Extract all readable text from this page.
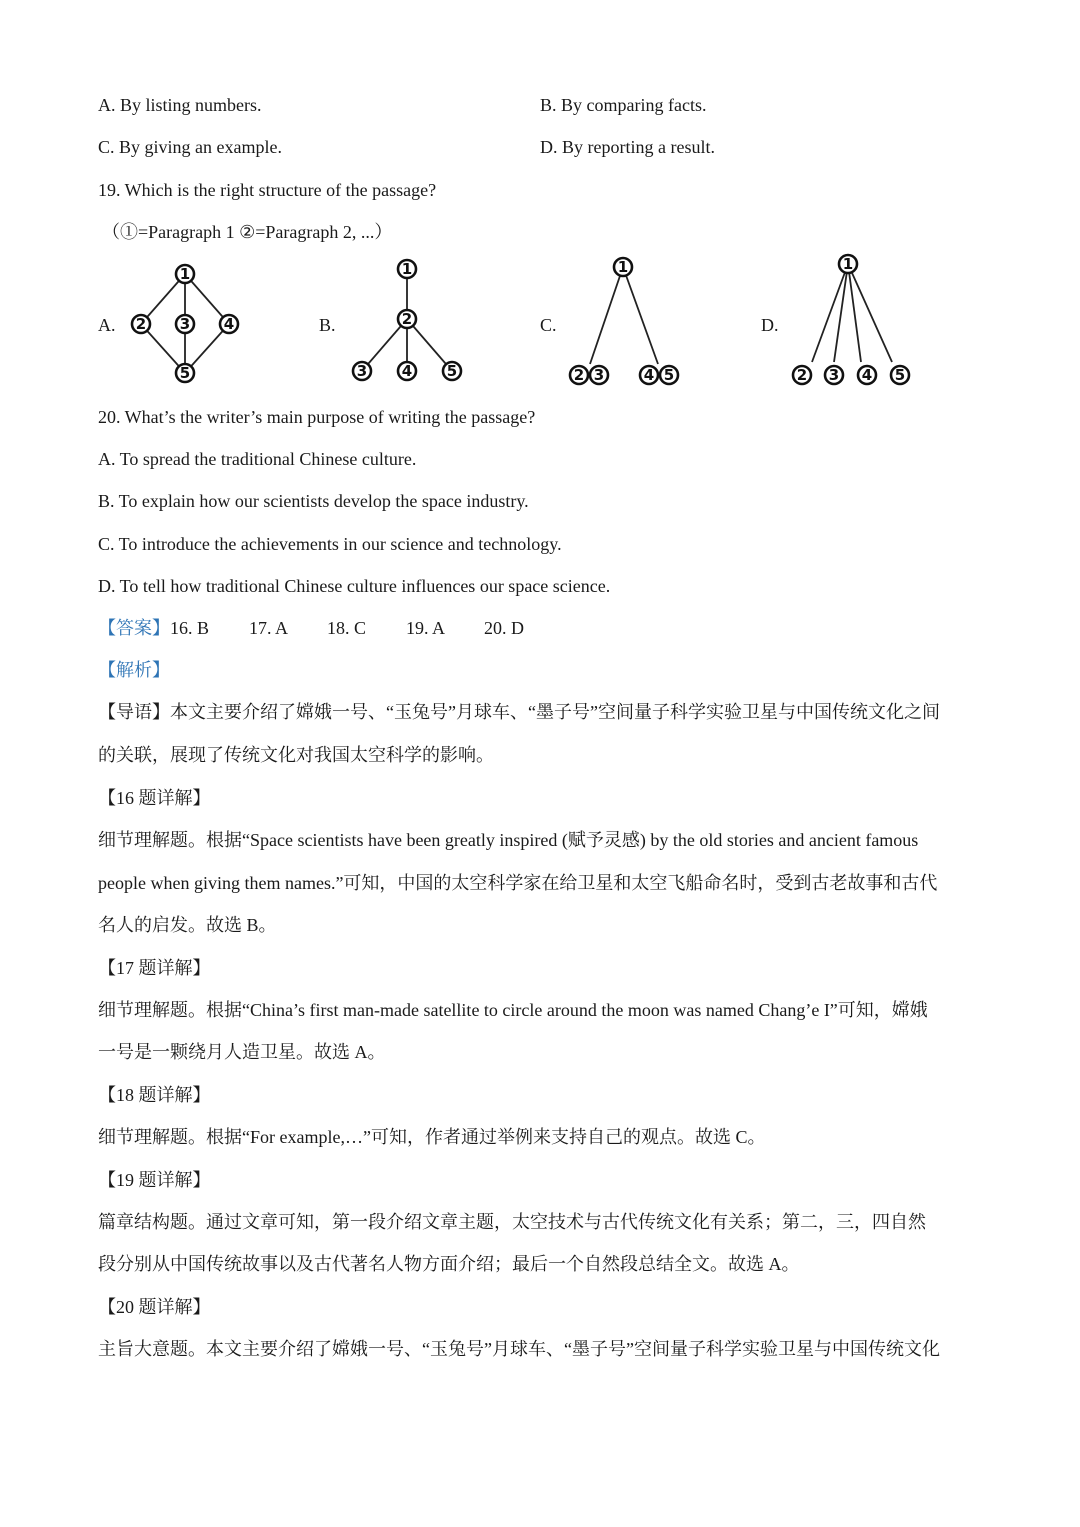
A. By listing numbers.	B. By comparing facts.
C. By giving an example.	D. By reporting a result.
19. Which is the right structure of the passage?
（①=Paragraph 1 ②=Paragraph 2, ...）
A.	B.	C.	D.
1
2 3 4
5
1
2
3 4 5
1
2 3	4 5
1
2 3 4 5
20. What’s the writer’s main purpose of writing the passage?
A. To spread the traditional Chinese culture.
B. To explain how our scientists develop the space industry.
C. To introduce the achievements in our science and technology.
D. To tell how traditional Chinese culture influences our space science.
【答案】16. B 17. A 18. C 19. A 20. D
【解析】
【导语】本文主要介绍了嫦娥一号、“玉兔号”月球车、“墨子号”空间量子科学实验卫星与中国传统文化之间
的关联，展现了传统文化对我国太空科学的影响。
【16 题详解】
细节理解题。根据“Space scientists have been greatly inspired (赋予灵感) by the old stories and ancient famous
people when giving them names.”可知，中国的太空科学家在给卫星和太空飞船命名时，受到古老故事和古代
名人的启发。故选 B。
【17 题详解】
细节理解题。根据“China’s first man-made satellite to circle around the moon was named Chang’e I”可知，嫦娥
一号是一颗绕月人造卫星。故选 A。
【18 题详解】
细节理解题。根据“For example,…”可知，作者通过举例来支持自己的观点。故选 C。
【19 题详解】
篇章结构题。通过文章可知，第一段介绍文章主题，太空技术与古代传统文化有关系；第二，三，四自然
段分别从中国传统故事以及古代著名人物方面介绍；最后一个自然段总结全文。故选 A。
【20 题详解】
主旨大意题。本文主要介绍了嫦娥一号、“玉兔号”月球车、“墨子号”空间量子科学实验卫星与中国传统文化
